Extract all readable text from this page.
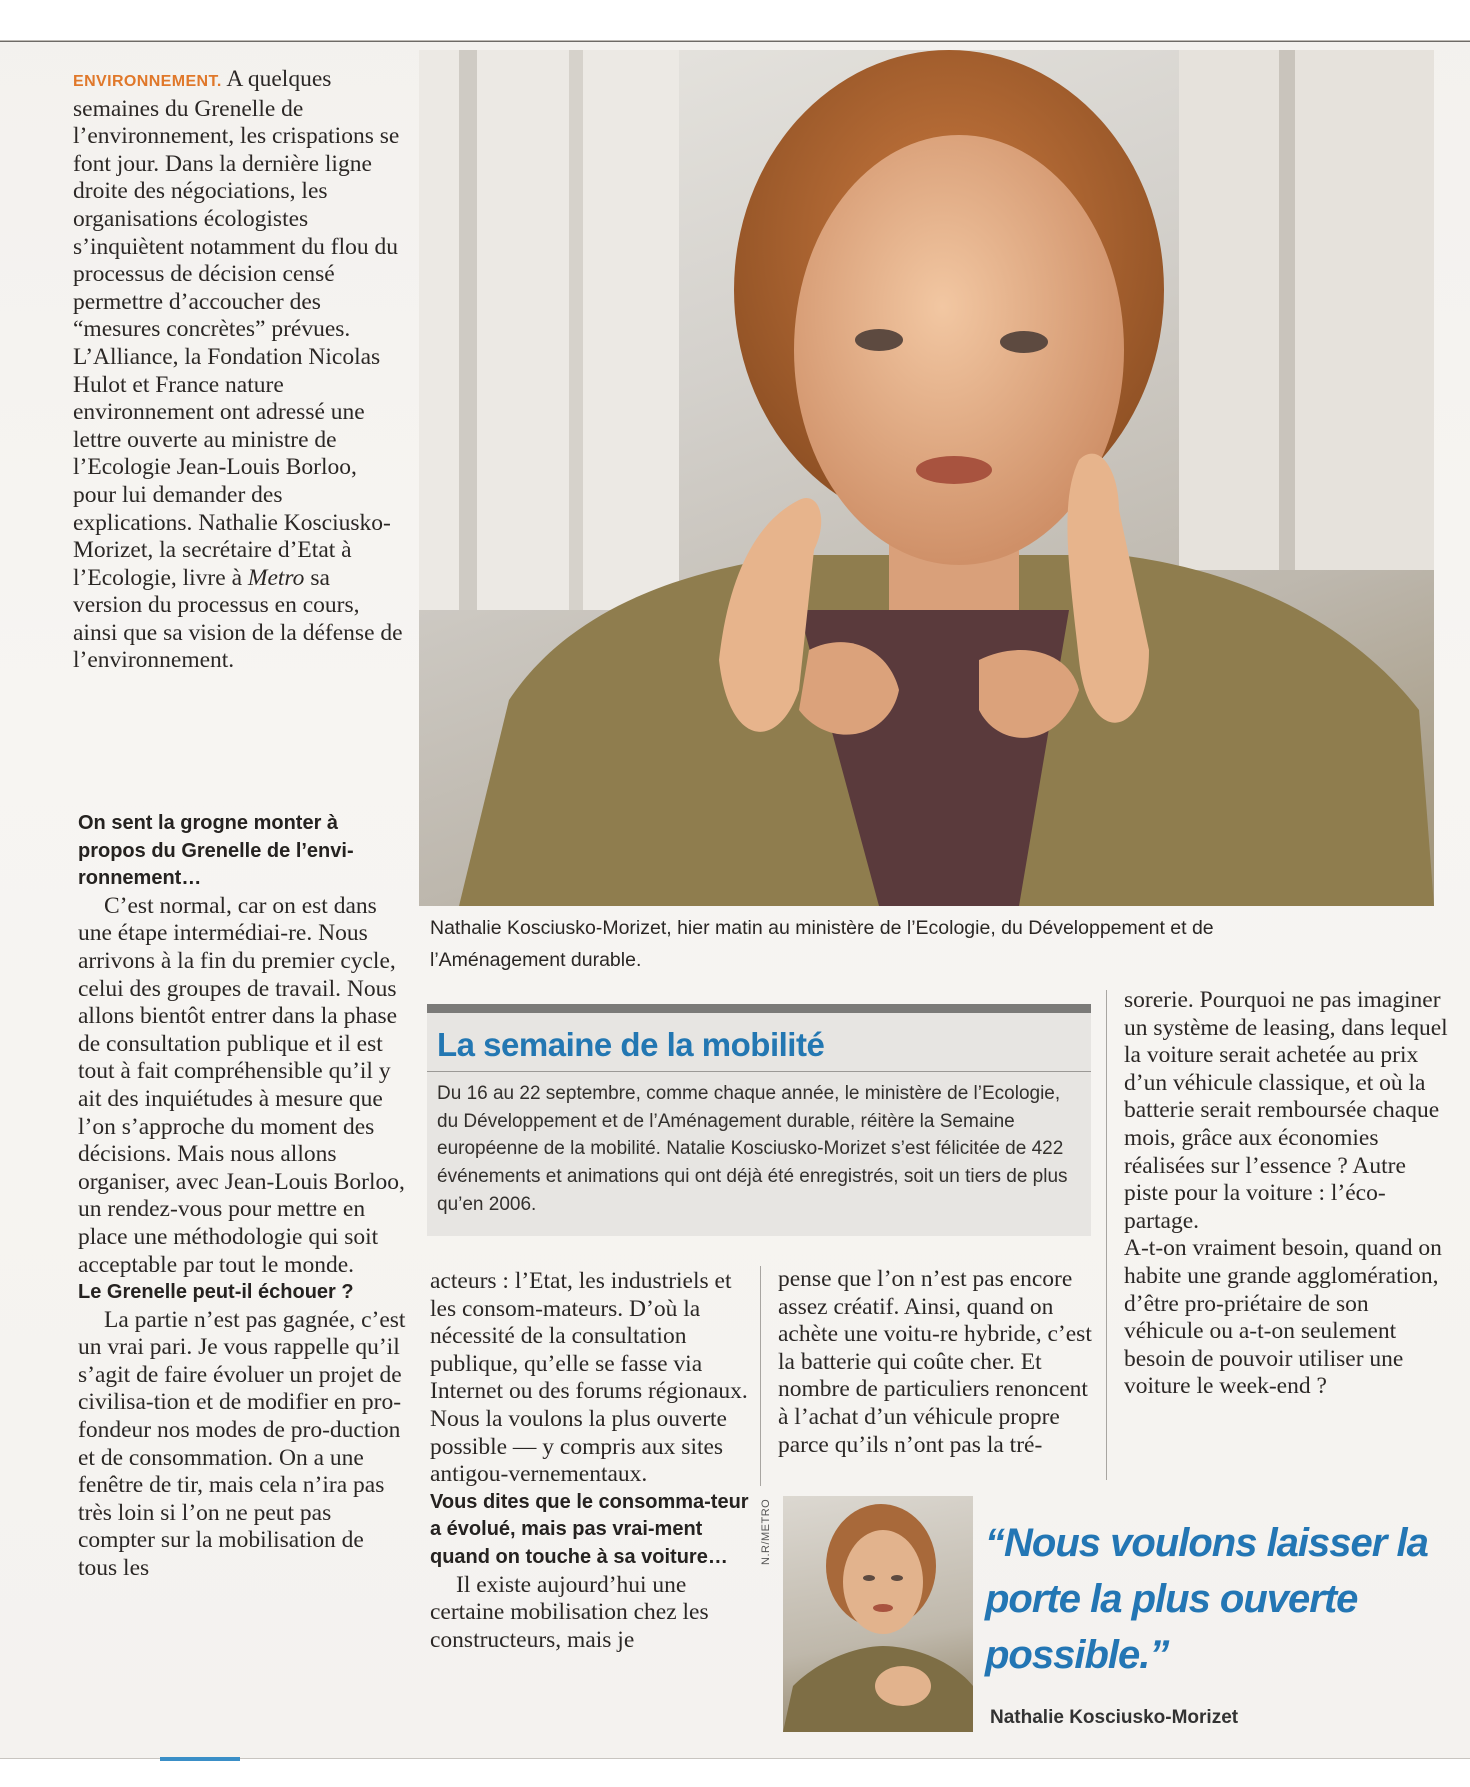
ENVIRONNEMENT. A quelques semaines du Grenelle de l’environnement, les crispations se font jour. Dans la dernière ligne droite des négociations, les organisations écologistes s’inquiètent notamment du flou du processus de décision censé permettre d’accoucher des “mesures concrètes” prévues. L’Alliance, la Fondation Nicolas Hulot et France nature environnement ont adressé une lettre ouverte au ministre de l’Ecologie Jean-Louis Borloo, pour lui demander des explications. Nathalie Kosciusko-Morizet, la secrétaire d’Etat à l’Ecologie, livre à Metro sa version du processus en cours, ainsi que sa vision de la défense de l’environnement.

On sent la grogne monter à propos du Grenelle de l’envi-ronnement…

C’est normal, car on est dans une étape intermédiai-re. Nous arrivons à la fin du premier cycle, celui des groupes de travail. Nous allons bientôt entrer dans la phase de consultation publique et il est tout à fait compréhensible qu’il y ait des inquiétudes à mesure que l’on s’approche du moment des décisions. Mais nous allons organiser, avec Jean-Louis Borloo, un rendez-vous pour mettre en place une méthodologie qui soit acceptable par tout le monde.

Le Grenelle peut-il échouer ?

La partie n’est pas gagnée, c’est un vrai pari. Je vous rappelle qu’il s’agit de faire évoluer un projet de civilisa-tion et de modifier en pro-fondeur nos modes de pro-duction et de consommation. On a une fenêtre de tir, mais cela n’ira pas très loin si l’on ne peut pas compter sur la mobilisation de tous les

Nathalie Kosciusko-Morizet, hier matin au ministère de l’Ecologie, du Développement et de l’Aménagement durable.
La semaine de la mobilité

Du 16 au 22 septembre, comme chaque année, le ministère de l’Ecologie, du Développement et de l’Aménagement durable, réitère la Semaine européenne de la mobilité. Natalie Kosciusko-Morizet s’est félicitée de 422 événements et animations qui ont déjà été enregistrés, soit un tiers de plus qu’en 2006.

acteurs : l’Etat, les industriels et les consom-mateurs. D’où la nécessité de la consultation publique, qu’elle se fasse via Internet ou des forums régionaux. Nous la voulons la plus ouverte possible — y compris aux sites antigou-vernementaux.

Vous dites que le consomma-teur a évolué, mais pas vrai-ment quand on touche à sa voiture…

Il existe aujourd’hui une certaine mobilisation chez les constructeurs, mais je

pense que l’on n’est pas encore assez créatif. Ainsi, quand on achète une voitu-re hybride, c’est la batterie qui coûte cher. Et nombre de particuliers renoncent à l’achat d’un véhicule propre parce qu’ils n’ont pas la tré-

sorerie. Pourquoi ne pas imaginer un système de leasing, dans lequel la voiture serait achetée au prix d’un véhicule classique, et où la batterie serait remboursée chaque mois, grâce aux économies réalisées sur l’essence ? Autre piste pour la voiture : l’éco-partage.

A-t-on vraiment besoin, quand on habite une grande agglomération, d’être pro-priétaire de son véhicule ou a-t-on seulement besoin de pouvoir utiliser une voiture le week-end ?

N.R/METRO	“Nous voulons laisser la porte la plus ouverte possible.”

Nathalie Kosciusko-Morizet
